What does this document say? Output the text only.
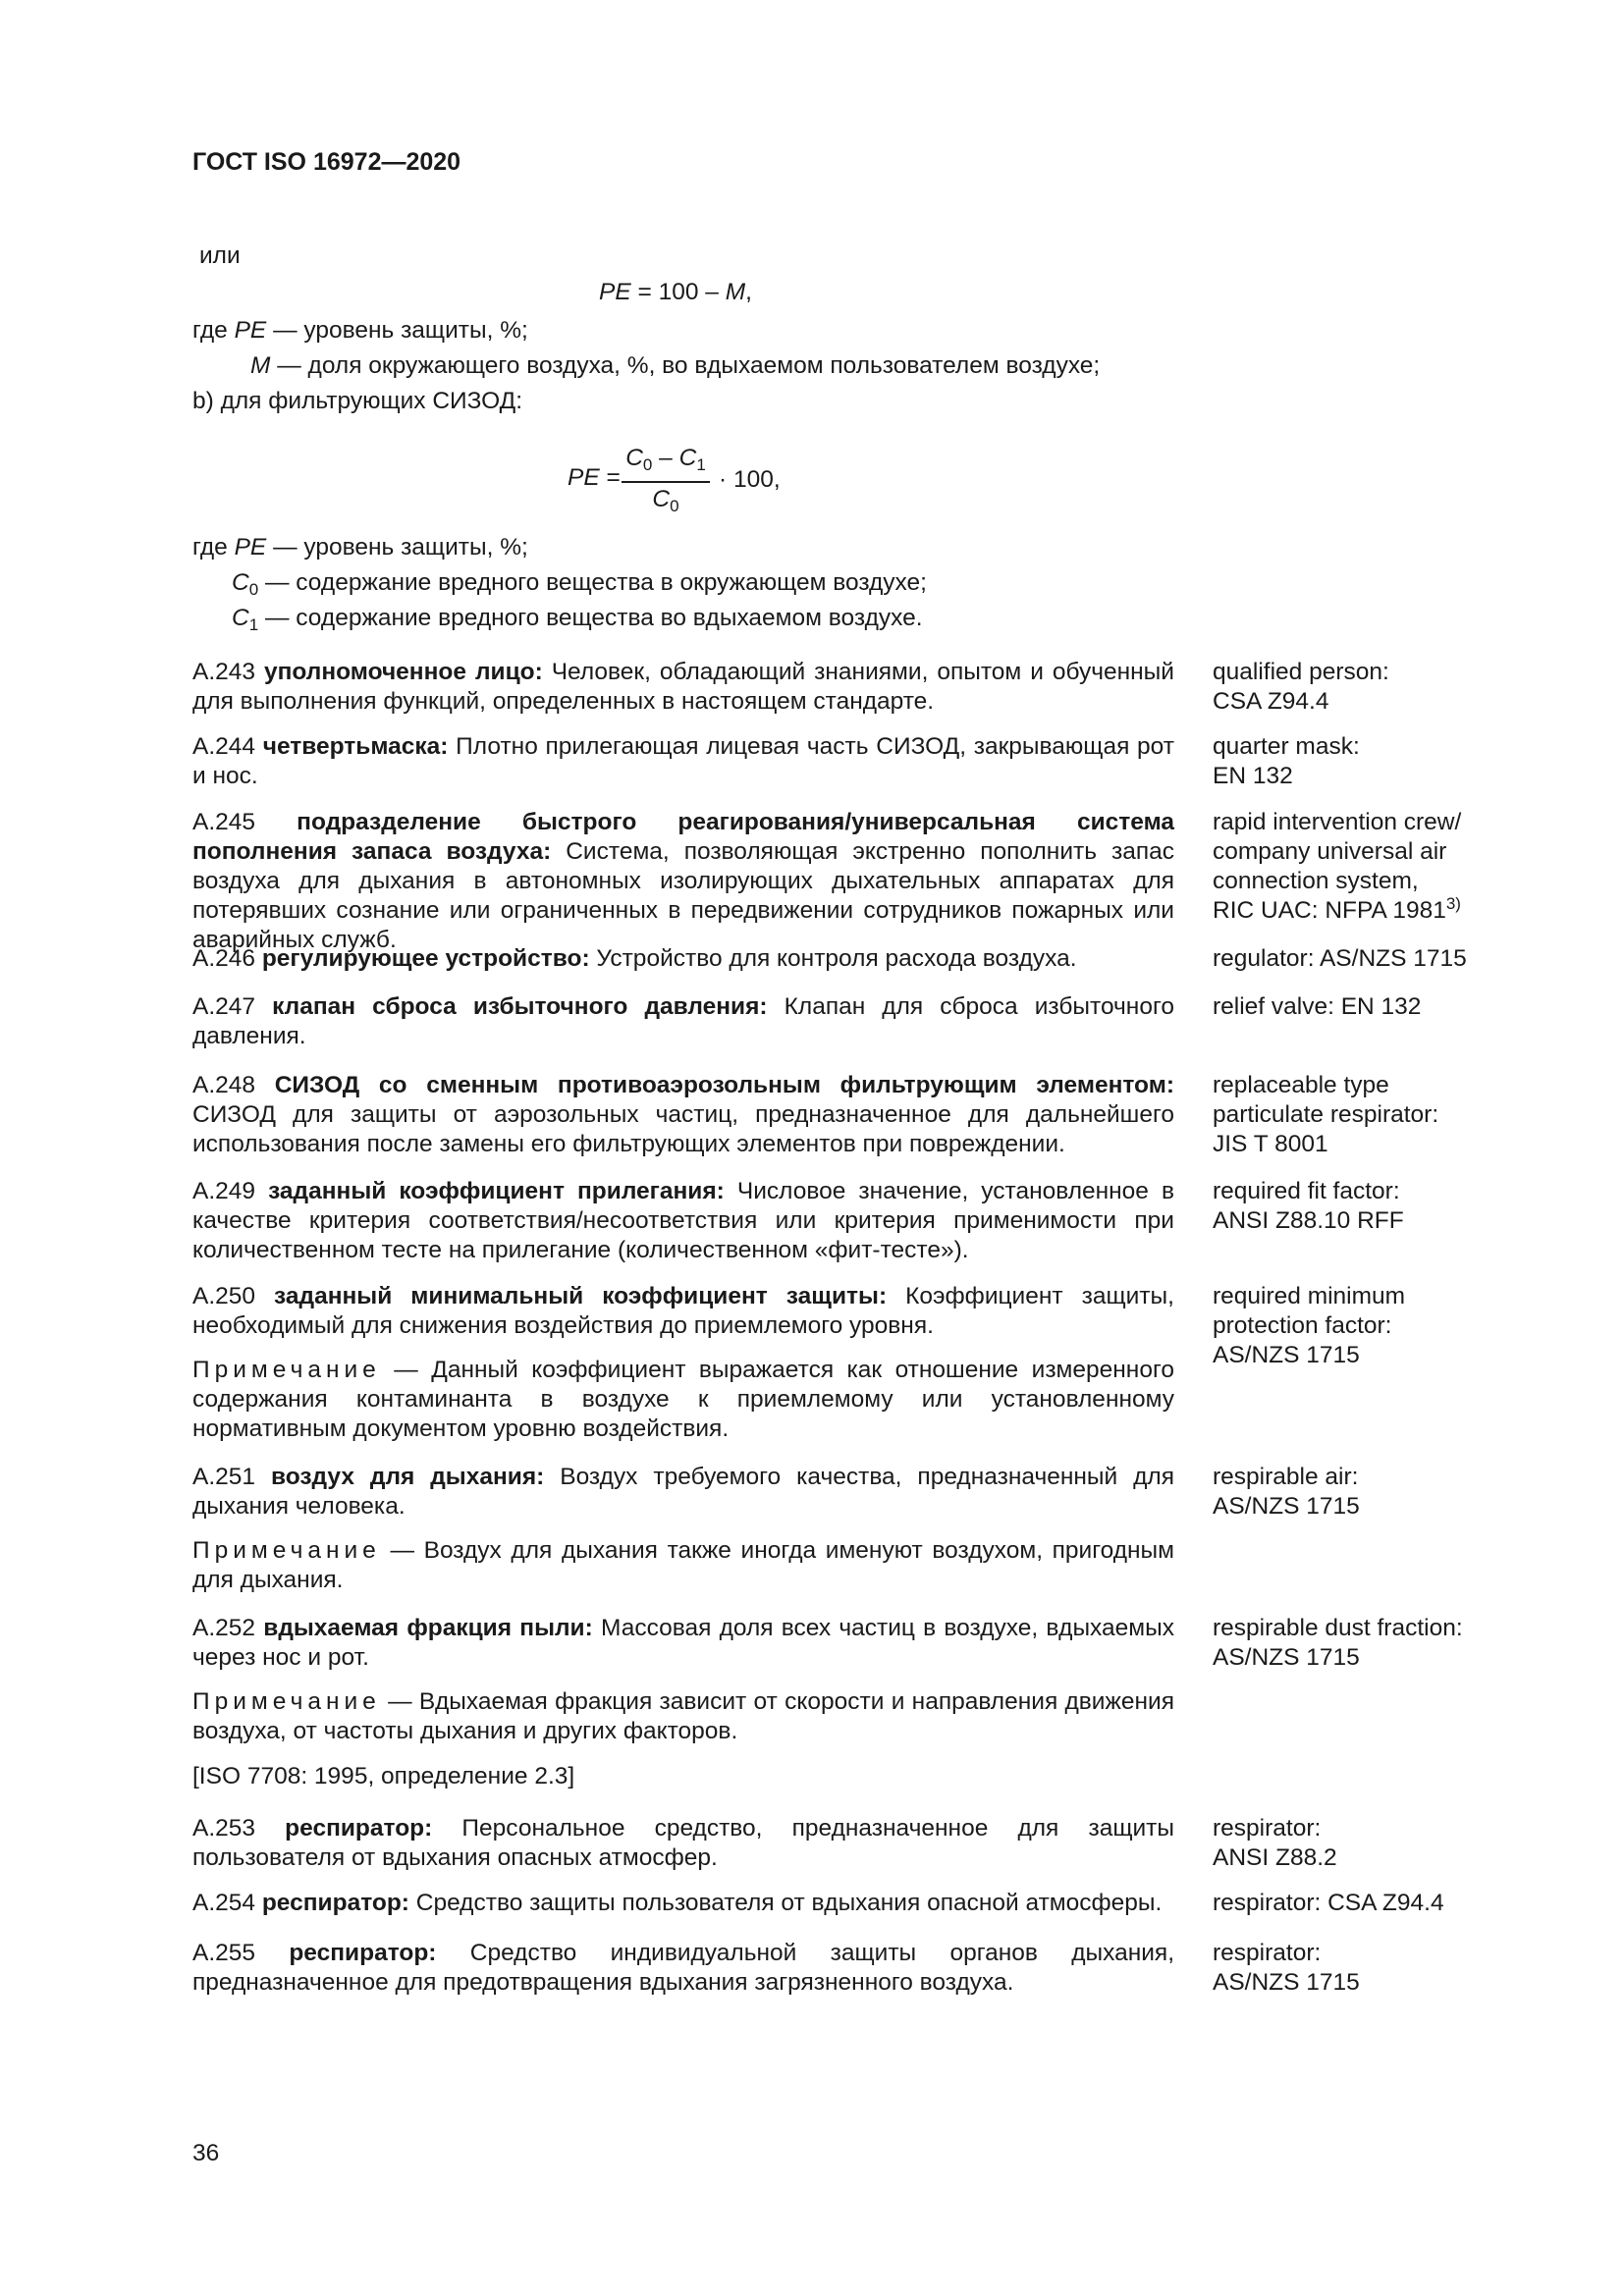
ГОСТ ISO 16972—2020
или
PE = 100 – M,
где PE — уровень защиты, %;
M — доля окружающего воздуха, %, во вдыхаемом пользователем воздухе;
b) для фильтрующих СИЗОД:
PE =
$C_0 - C_1$
$C_0$
· 100,
где PE — уровень защиты, %;
$C_0$ — содержание вредного вещества в окружающем воздухе;
$C_1$ — содержание вредного вещества во вдыхаемом воздухе.
A.243 уполномоченное лицо: Человек, обладающий знаниями, опытом и обученный для выполнения функций, определенных в настоящем стандарте.
qualified person:
CSA Z94.4
A.244 четвертьмаска: Плотно прилегающая лицевая часть СИЗОД, закрывающая рот и нос.
quarter mask:
EN 132
A.245 подразделение быстрого реагирования/универсальная система пополнения запаса воздуха: Система, позволяющая экстренно пополнить запас воздуха для дыхания в автономных изолирующих дыхательных аппаратах для потерявших сознание или ограниченных в передвижении сотрудников пожарных или аварийных служб.
rapid intervention crew/
company universal air
connection system,
RIC UAC: NFPA 1981$^{3)}$
A.246 регулирующее устройство: Устройство для контроля расхода воздуха.	regulator: AS/NZS 1715
A.247 клапан сброса избыточного давления: Клапан для сброса избыточного давления.
relief valve: EN 132
A.248 СИЗОД со сменным противоаэрозольным фильтрующим элементом: СИЗОД для защиты от аэрозольных частиц, предназначенное для дальнейшего использования после замены его фильтрующих элементов при повреждении.
replaceable type
particulate respirator:
JIS T 8001
A.249 заданный коэффициент прилегания: Числовое значение, установленное в качестве критерия соответствия/несоответствия или критерия применимости при количественном тесте на прилегание (количественном «фит-тесте»).
required fit factor:
ANSI Z88.10 RFF
A.250 заданный минимальный коэффициент защиты: Коэффициент защиты, необходимый для снижения воздействия до приемлемого уровня.
required minimum
protection factor:
AS/NZS 1715
Примечание — Данный коэффициент выражается как отношение измеренного содержания контаминанта в воздухе к приемлемому или установленному нормативным документом уровню воздействия.
A.251 воздух для дыхания: Воздух требуемого качества, предназначенный для дыхания человека.
respirable air:
AS/NZS 1715
Примечание — Воздух для дыхания также иногда именуют воздухом, пригодным для дыхания.
A.252 вдыхаемая фракция пыли: Массовая доля всех частиц в воздухе, вдыхаемых через нос и рот.
respirable dust fraction:
AS/NZS 1715
Примечание — Вдыхаемая фракция зависит от скорости и направления движения воздуха, от частоты дыхания и других факторов.
[ISO 7708: 1995, определение 2.3]
A.253 респиратор: Персональное средство, предназначенное для защиты пользователя от вдыхания опасных атмосфер.
respirator:
ANSI Z88.2
A.254 респиратор: Средство защиты пользователя от вдыхания опасной атмосферы.	respirator: CSA Z94.4
A.255 респиратор: Средство индивидуальной защиты органов дыхания, предназначенное для предотвращения вдыхания загрязненного воздуха.
respirator:
AS/NZS 1715
36
